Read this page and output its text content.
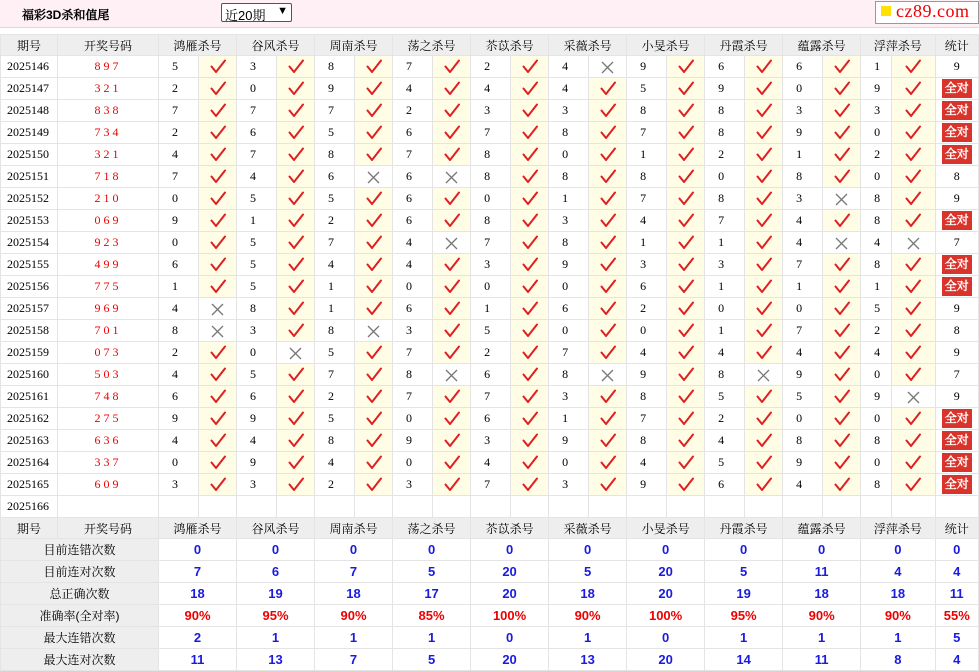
福彩3D杀和值尾	近20期 ▼	cz89.com
期号	开奖号码	鸿雁杀号		谷风杀号		周南杀号		荡之杀号		苶苡杀号		采薇杀号		小旻杀号		丹霞杀号		蕴露杀号		浮萍杀号		统计
2025146	897	5		3		8		7		2		4		9		6		6		1		9
2025147	321	2		0		9		4		4		4		5		9		0		9		全对
2025148	838	7		7		7		2		3		3		8		8		3		3		全对
2025149	734	2		6		5		6		7		8		7		8		9		0		全对
2025150	321	4		7		8		7		8		0		1		2		1		2		全对
2025151	718	7		4		6		6		8		8		8		0		8		0		8
2025152	210	0		5		5		6		0		1		7		8		3		8		9
2025153	069	9		1		2		6		8		3		4		7		4		8		全对
2025154	923	0		5		7		4		7		8		1		1		4		4		7
2025155	499	6		5		4		4		3		9		3		3		7		8		全对
2025156	775	1		5		1		0		0		0		6		1		1		1		全对
2025157	969	4		8		1		6		1		6		2		0		0		5		9
2025158	701	8		3		8		3		5		0		0		1		7		2		8
2025159	073	2		0		5		7		2		7		4		4		4		4		9
2025160	503	4		5		7		8		6		8		9		8		9		0		7
2025161	748	6		6		2		7		7		3		8		5		5		9		9
2025162	275	9		9		5		0		6		1		7		2		0		0		全对
2025163	636	4		4		8		9		3		9		8		4		8		8		全对
2025164	337	0		9		4		0		4		0		4		5		9		0		全对
2025165	609	3		3		2		3		7		3		9		6		4		8		全对
2025166	当前期杀号	1		4		5		8		6		8		1		2		5		6		
期号	开奖号码	鸿雁杀号		谷风杀号		周南杀号		荡之杀号		苶苡杀号		采薇杀号		小旻杀号		丹霞杀号		蕴露杀号		浮萍杀号		统计
目前连错次数		0		0		0		0		0		0		0		0		0		0		0
目前连对次数		7		6		7		5		20		5		20		5		11		4		4
总正确次数		18		19		18		17		20		18		20		19		18		18		11
准确率(全对率)		90%		95%		90%		85%		100%		90%		100%		95%		90%		90%		55%
最大连错次数		2		1		1		1		0		1		0		1		1		1		5
最大连对次数		11		13		7		5		20		13		20		14		11		8		4
